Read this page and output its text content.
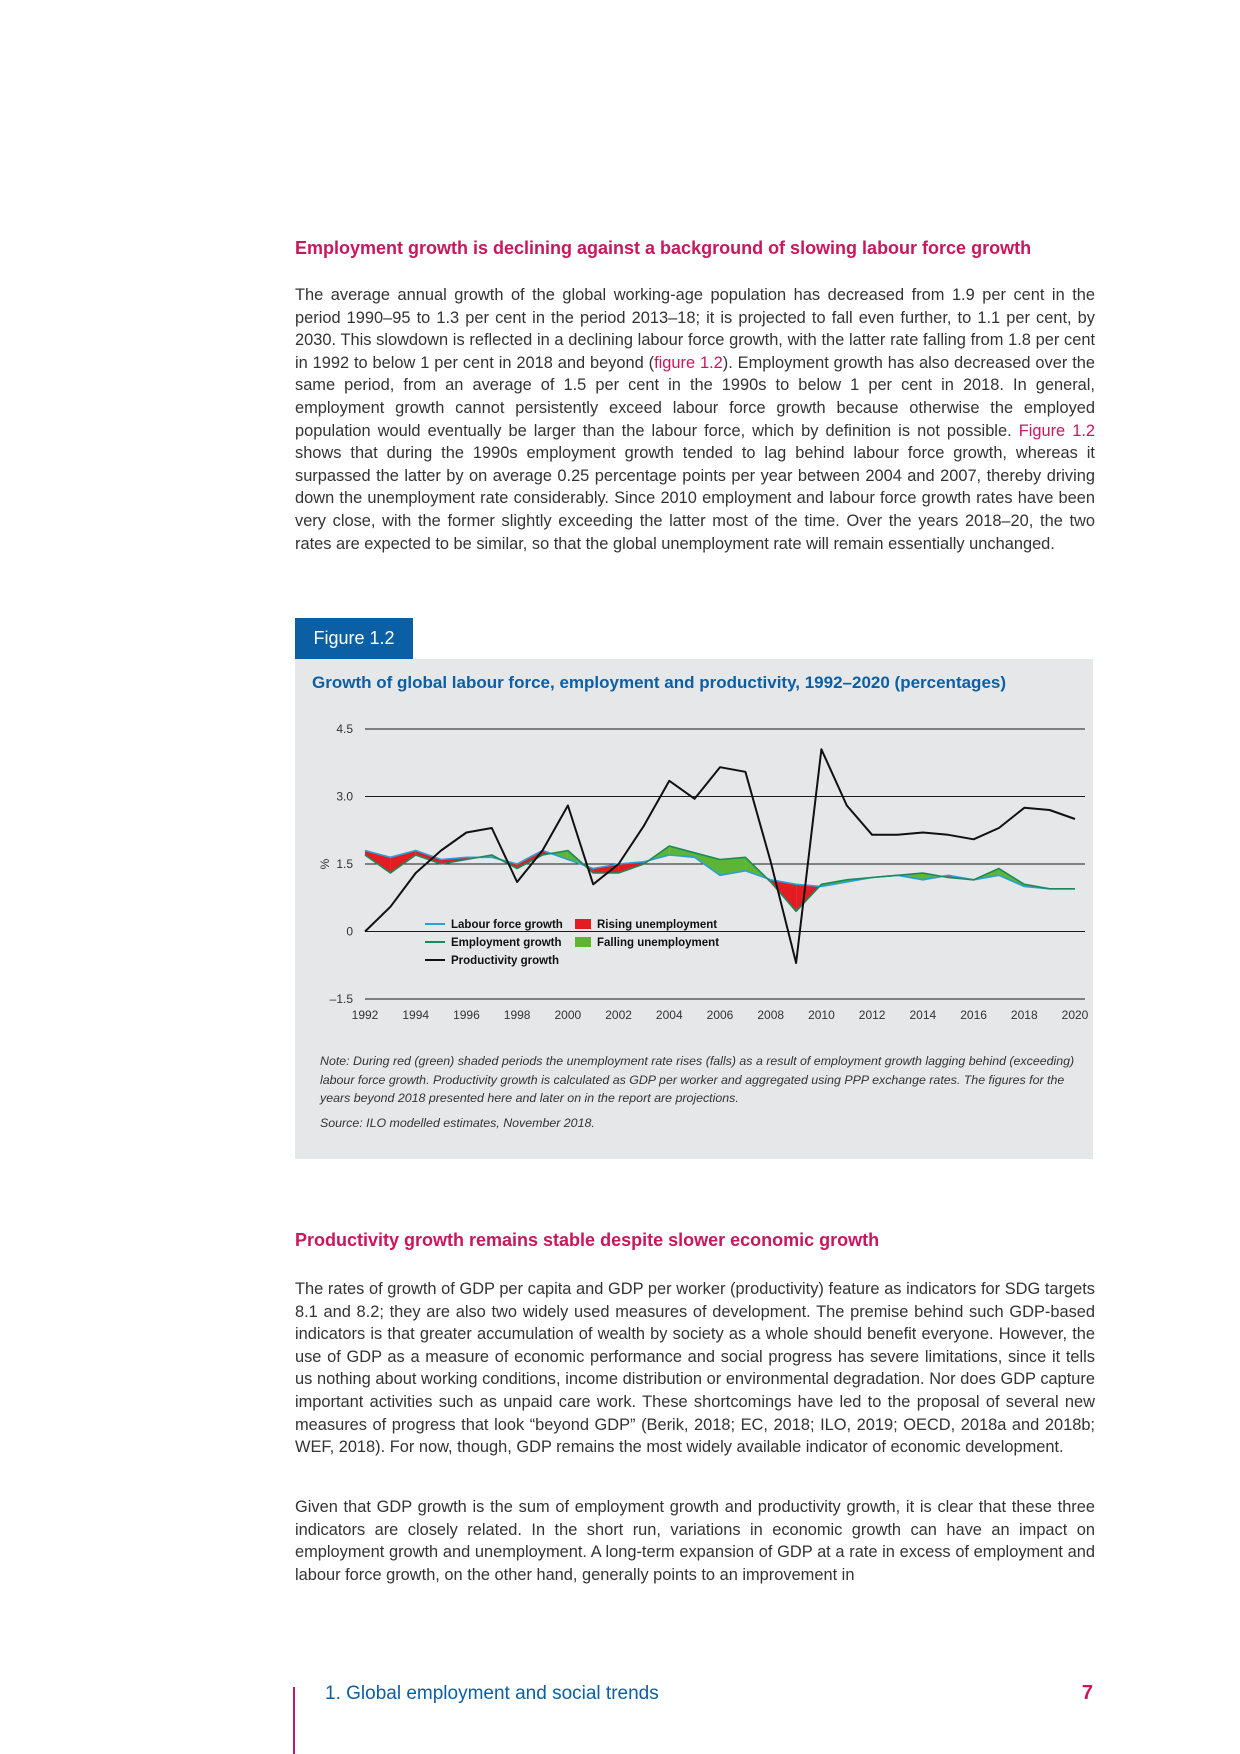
Employment growth is declining against a background of slowing labour force growth

The average annual growth of the global working-age population has decreased from 1.9 per cent in the period 1990–95 to 1.3 per cent in the period 2013–18; it is projected to fall even further, to 1.1 per cent, by 2030. This slowdown is reflected in a declining labour force growth, with the latter rate falling from 1.8 per cent in 1992 to below 1 per cent in 2018 and beyond (figure 1.2). Employment growth has also decreased over the same period, from an average of 1.5 per cent in the 1990s to below 1 per cent in 2018. In general, employment growth cannot persistently exceed labour force growth because otherwise the employed population would eventually be larger than the labour force, which by definition is not possible. Figure 1.2 shows that during the 1990s employment growth tended to lag behind labour force growth, whereas it surpassed the latter by on average 0.25 percentage points per year between 2004 and 2007, thereby driving down the unemployment rate considerably. Since 2010 employment and labour force growth rates have been very close, with the former slightly exceeding the latter most of the time. Over the years 2018–20, the two rates are expected to be similar, so that the global unemployment rate will remain essentially unchanged.

Figure 1.2
Growth of global labour force, employment and productivity, 1992–2020 (percentages)
4.5
3.0
1.5
0
–1.5
%
1992 1994 1996 1998 2000 2002 2004 2006 2008 2010 2012 2014 2016 2018 2020
Labour force growth
Employment growth
Productivity growth
Rising unemployment
Falling unemployment

Note: During red (green) shaded periods the unemployment rate rises (falls) as a result of employment growth lagging behind (exceeding) labour force growth. Productivity growth is calculated as GDP per worker and aggregated using PPP exchange rates. The figures for the years beyond 2018 presented here and later on in the report are projections.

Source: ILO modelled estimates, November 2018.

Productivity growth remains stable despite slower economic growth

The rates of growth of GDP per capita and GDP per worker (productivity) feature as indicators for SDG targets 8.1 and 8.2; they are also two widely used measures of development. The premise behind such GDP-based indicators is that greater accumulation of wealth by society as a whole should benefit everyone. However, the use of GDP as a measure of economic performance and social progress has severe limitations, since it tells us nothing about working conditions, income distribution or environmental degradation. Nor does GDP capture important activities such as unpaid care work. These shortcomings have led to the proposal of several new measures of progress that look “beyond GDP” (Berik, 2018; EC, 2018; ILO, 2019; OECD, 2018a and 2018b; WEF, 2018). For now, though, GDP remains the most widely available indicator of economic development.

Given that GDP growth is the sum of employment growth and productivity growth, it is clear that these three indicators are closely related. In the short run, variations in economic growth can have an impact on employment growth and unemployment. A long-term expansion of GDP at a rate in excess of employment and labour force growth, on the other hand, generally points to an improvement in

1. Global employment and social trends	7
